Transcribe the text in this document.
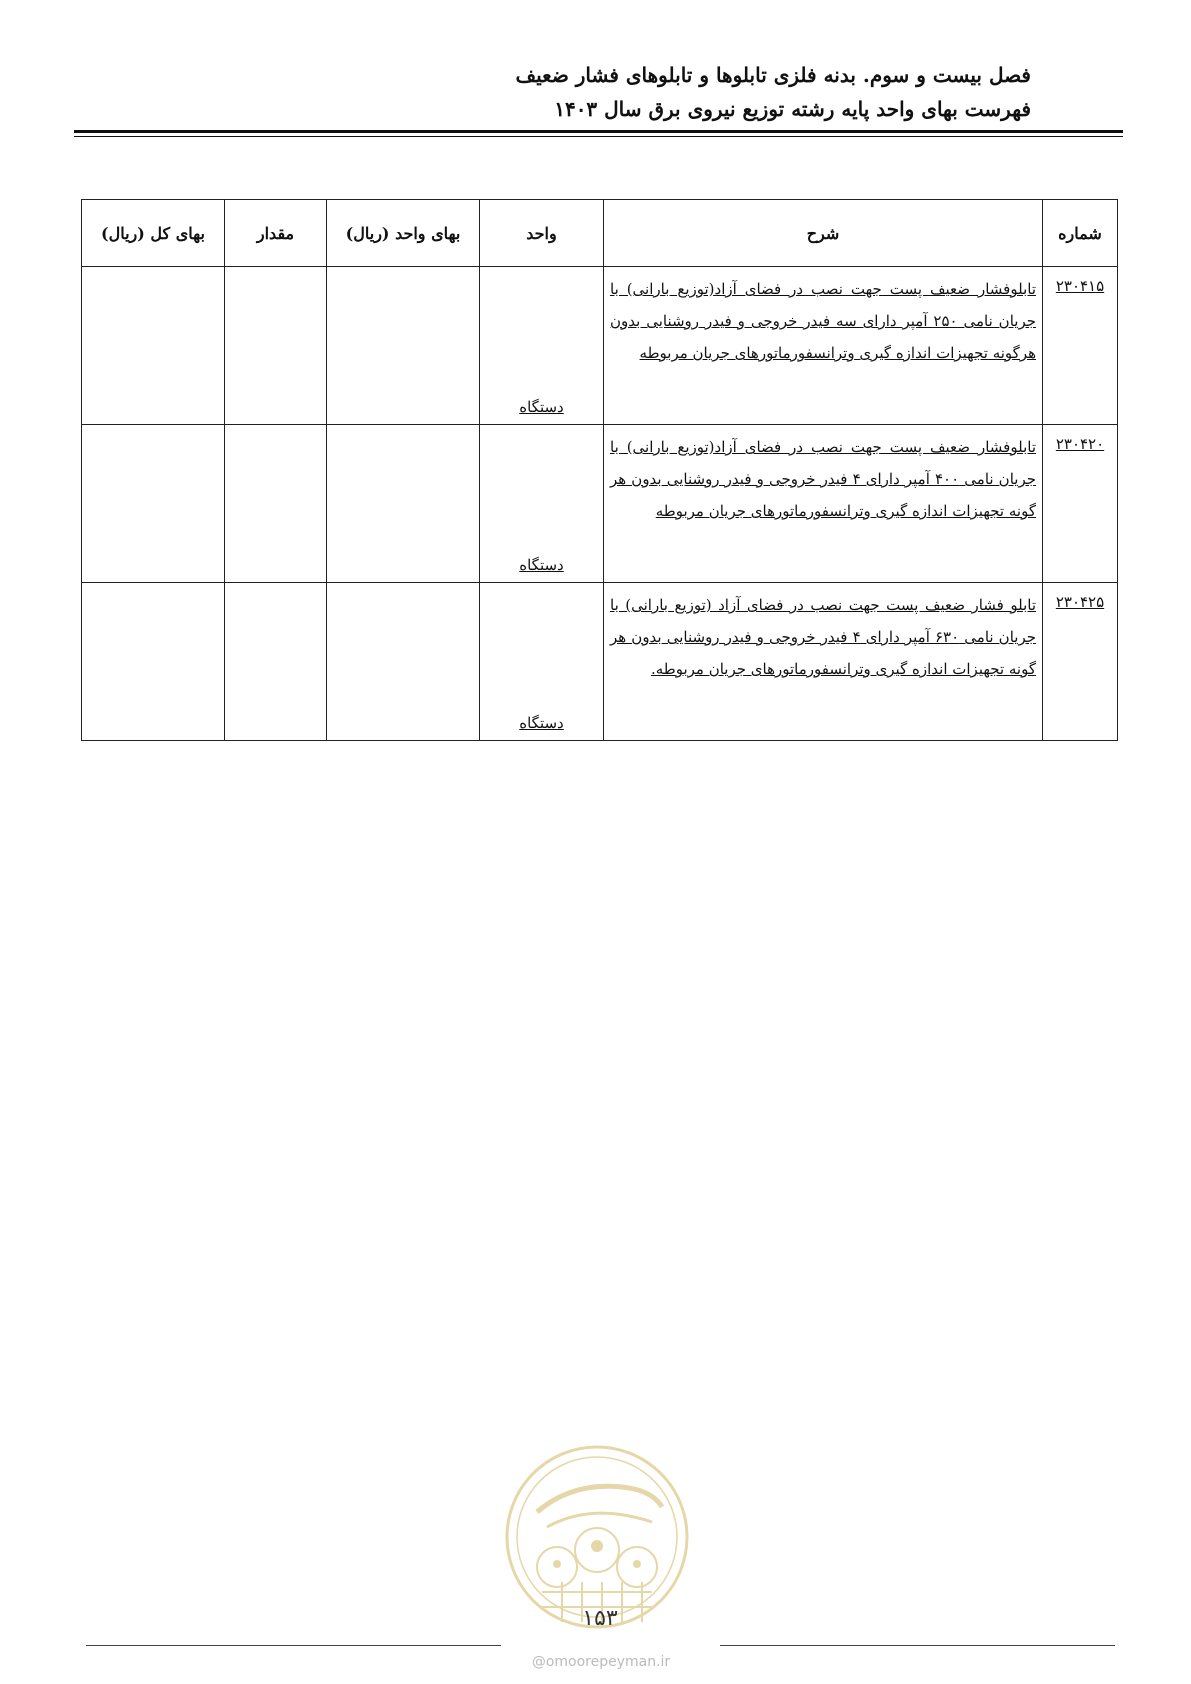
فصل بیست و سوم. بدنه فلزی تابلوها و تابلوهای فشار ضعیف
فهرست بهای واحد پایه رشته توزیع نیروی برق سال ۱۴۰۳
شماره	شرح	واحد	بهای واحد (ریال)	مقدار	بهای کل (ریال)
۲۳۰۴۱۵	تابلوفشار ضعیف پست جهت نصب در فضای آزاد(توزیع بارانی) با جریان نامی ۲۵۰ آمپر دارای سه فیدر خروجی و فیدر روشنایی بدون هرگونه تجهیزات اندازه گیری وترانسفورماتورهای جریان مربوطه	دستگاه			
۲۳۰۴۲۰	تابلوفشار ضعیف پست جهت نصب در فضای آزاد(توزیع بارانی) با جریان نامی ۴۰۰ آمپر دارای ۴ فیدر خروجی و فیدر روشنایی بدون هر گونه تجهیزات اندازه گیری وترانسفورماتورهای جریان مربوطه	دستگاه			
۲۳۰۴۲۵	تابلو فشار ضعیف پست جهت نصب در فضای آزاد (توزیع بارانی) با جریان نامی ۶۳۰ آمپر دارای ۴ فیدر خروجی و فیدر روشنایی بدون هر گونه تجهیزات اندازه گیری وترانسفورماتورهای جریان مربوطه.	دستگاه			
۱۵۳
@omoorepeyman.ir
